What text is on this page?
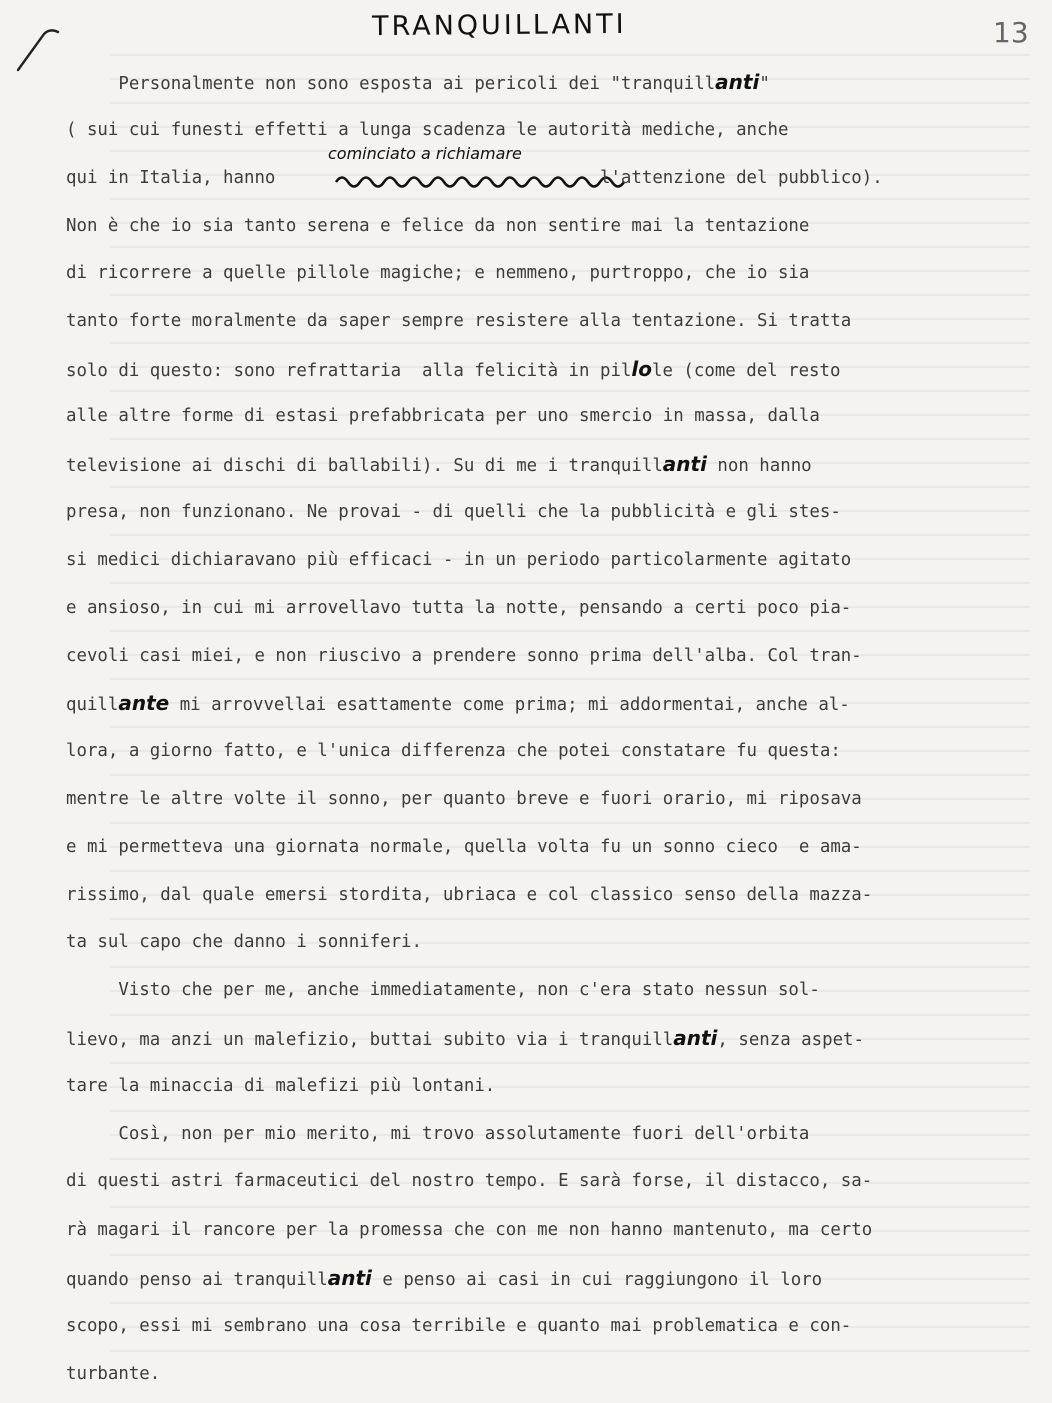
TRANQUILLANTI	13
cominciato a richiamare
Personalmente non sono esposta ai pericoli dei "tranquillanti"
( sui cui funesti effetti a lunga scadenza le autorità mediche, anche
qui in Italia, hanno                               l'attenzione del pubblico).
Non è che io sia tanto serena e felice da non sentire mai la tentazione
di ricorrere a quelle pillole magiche; e nemmeno, purtroppo, che io sia
tanto forte moralmente da saper sempre resistere alla tentazione. Si tratta
solo di questo: sono refrattaria  alla felicità in pillole (come del resto
alle altre forme di estasi prefabbricata per uno smercio in massa, dalla
televisione ai dischi di ballabili). Su di me i tranquillanti non hanno
presa, non funzionano. Ne provai - di quelli che la pubblicità e gli stes-
si medici dichiaravano più efficaci - in un periodo particolarmente agitato
e ansioso, in cui mi arrovellavo tutta la notte, pensando a certi poco pia-
cevoli casi miei, e non riuscivo a prendere sonno prima dell'alba. Col tran-
quillante mi arrovvellai esattamente come prima; mi addormentai, anche al-
lora, a giorno fatto, e l'unica differenza che potei constatare fu questa:
mentre le altre volte il sonno, per quanto breve e fuori orario, mi riposava
e mi permetteva una giornata normale, quella volta fu un sonno cieco  e ama-
rissimo, dal quale emersi stordita, ubriaca e col classico senso della mazza-
ta sul capo che danno i sonniferi.
Visto che per me, anche immediatamente, non c'era stato nessun sol-
lievo, ma anzi un malefizio, buttai subito via i tranquillanti, senza aspet-
tare la minaccia di malefizi più lontani.
Così, non per mio merito, mi trovo assolutamente fuori dell'orbita
di questi astri farmaceutici del nostro tempo. E sarà forse, il distacco, sa-
rà magari il rancore per la promessa che con me non hanno mantenuto, ma certo
quando penso ai tranquillanti e penso ai casi in cui raggiungono il loro
scopo, essi mi sembrano una cosa terribile e quanto mai problematica e con-
turbante.
